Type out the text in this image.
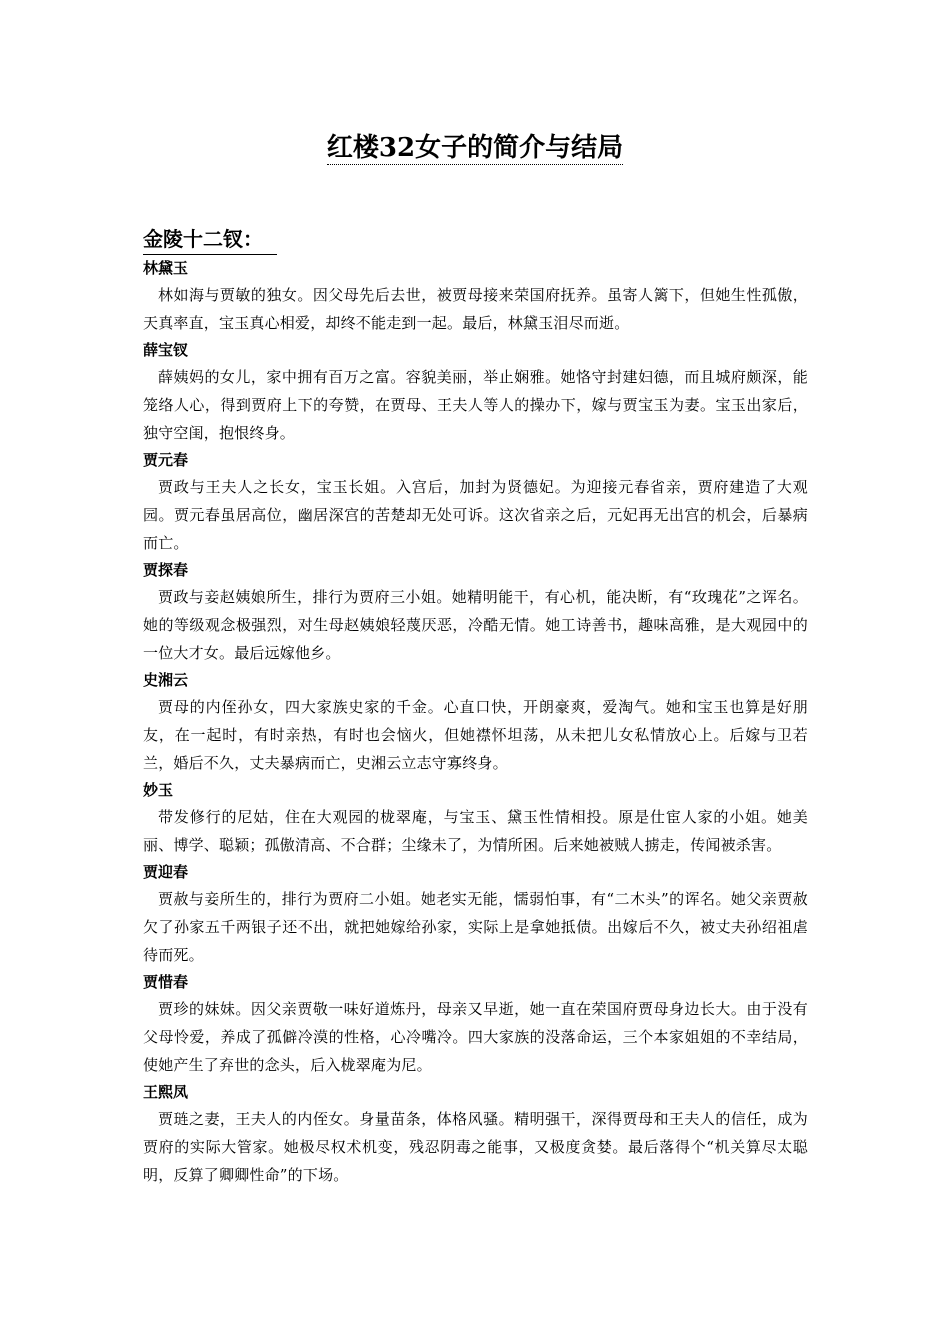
红楼32女子的简介与结局
金陵十二钗：

林黛玉

林如海与贾敏的独女。因父母先后去世，被贾母接来荣国府抚养。虽寄人篱下，但她生性孤傲，天真率直，宝玉真心相爱，却终不能走到一起。最后，林黛玉泪尽而逝。

薛宝钗

薛姨妈的女儿，家中拥有百万之富。容貌美丽，举止娴雅。她恪守封建妇德，而且城府颇深，能笼络人心，得到贾府上下的夸赞，在贾母、王夫人等人的操办下，嫁与贾宝玉为妻。宝玉出家后，独守空闺，抱恨终身。

贾元春

贾政与王夫人之长女，宝玉长姐。入宫后，加封为贤德妃。为迎接元春省亲，贾府建造了大观园。贾元春虽居高位，幽居深宫的苦楚却无处可诉。这次省亲之后，元妃再无出宫的机会，后暴病而亡。

贾探春

贾政与妾赵姨娘所生，排行为贾府三小姐。她精明能干，有心机，能决断，有“玫瑰花”之诨名。她的等级观念极强烈，对生母赵姨娘轻蔑厌恶，冷酷无情。她工诗善书，趣味高雅，是大观园中的一位大才女。最后远嫁他乡。

史湘云

贾母的内侄孙女，四大家族史家的千金。心直口快，开朗豪爽，爱淘气。她和宝玉也算是好朋友，在一起时，有时亲热，有时也会恼火，但她襟怀坦荡，从未把儿女私情放心上。后嫁与卫若兰，婚后不久，丈夫暴病而亡，史湘云立志守寡终身。

妙玉

带发修行的尼姑，住在大观园的栊翠庵，与宝玉、黛玉性情相投。原是仕宦人家的小姐。她美丽、博学、聪颖；孤傲清高、不合群；尘缘未了，为情所困。后来她被贼人掳走，传闻被杀害。

贾迎春

贾赦与妾所生的，排行为贾府二小姐。她老实无能，懦弱怕事，有“二木头”的诨名。她父亲贾赦欠了孙家五千两银子还不出，就把她嫁给孙家，实际上是拿她抵债。出嫁后不久，被丈夫孙绍祖虐待而死。

贾惜春

贾珍的妹妹。因父亲贾敬一味好道炼丹，母亲又早逝，她一直在荣国府贾母身边长大。由于没有父母怜爱，养成了孤僻冷漠的性格，心冷嘴冷。四大家族的没落命运，三个本家姐姐的不幸结局，使她产生了弃世的念头，后入栊翠庵为尼。

王熙凤

贾琏之妻，王夫人的内侄女。身量苗条，体格风骚。精明强干，深得贾母和王夫人的信任，成为贾府的实际大管家。她极尽权术机变，残忍阴毒之能事，又极度贪婪。最后落得个“机关算尽太聪明，反算了卿卿性命”的下场。
